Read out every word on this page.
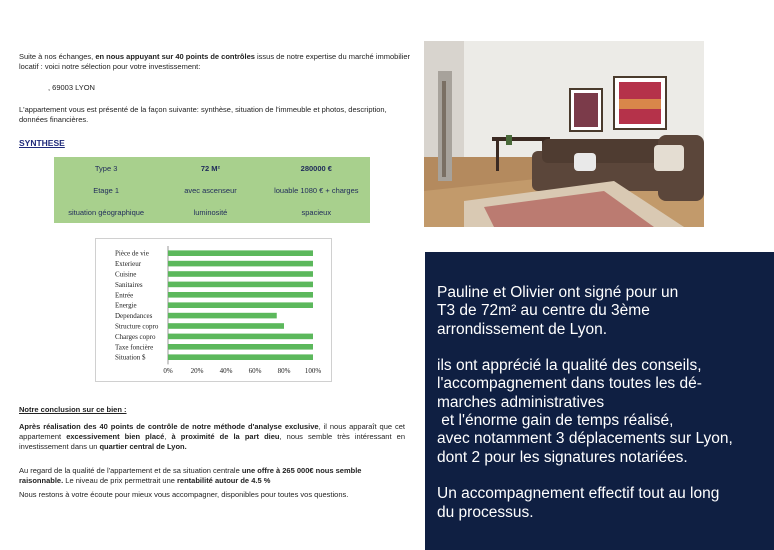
Suite à nos échanges, en nous appuyant sur 40 points de contrôles issus de notre expertise du marché immobilier locatif : voici notre sélection pour votre investissement:
, 69003 LYON
L'appartement vous est présenté de la façon suivante: synthèse, situation de l'immeuble et photos, description, données financières.
SYNTHESE
Type 3	72 M²	280000 €
Etage 1	avec ascenseur	louable 1080 € + charges
situation géographique	luminosité	spacieux
Pièce de vie
Exterieur
Cuisine
Sanitaires
Entrée
Energie
Dependances
Structure copro
Charges copro
Taxe foncière
Situation $
0%	20% 40% 60% 80% 100%
Notre conclusion sur ce bien :
Après réalisation des 40 points de contrôle de notre méthode d'analyse exclusive, il nous apparaît que cet appartement excessivement bien placé, à proximité de la part dieu, nous semble très intéressant en investissement dans un quartier central de Lyon.
Au regard de la qualité de l'appartement et de sa situation centrale une offre à 265 000€ nous semble raisonnable. Le niveau de prix permettrait une rentabilité autour de 4.5 %
Nous restons à votre écoute pour mieux vous accompagner, disponibles pour toutes vos questions.
Pauline et Olivier ont signé pour un
T3 de 72m² au centre du 3ème
arrondissement de Lyon.
ils ont apprécié la qualité des conseils,
l'accompagnement dans toutes les dé-
marches administratives
et l'énorme gain de temps réalisé,
avec notamment 3 déplacements sur Lyon,
dont 2 pour les signatures notariées.
Un accompagnement effectif tout au long
du processus.
